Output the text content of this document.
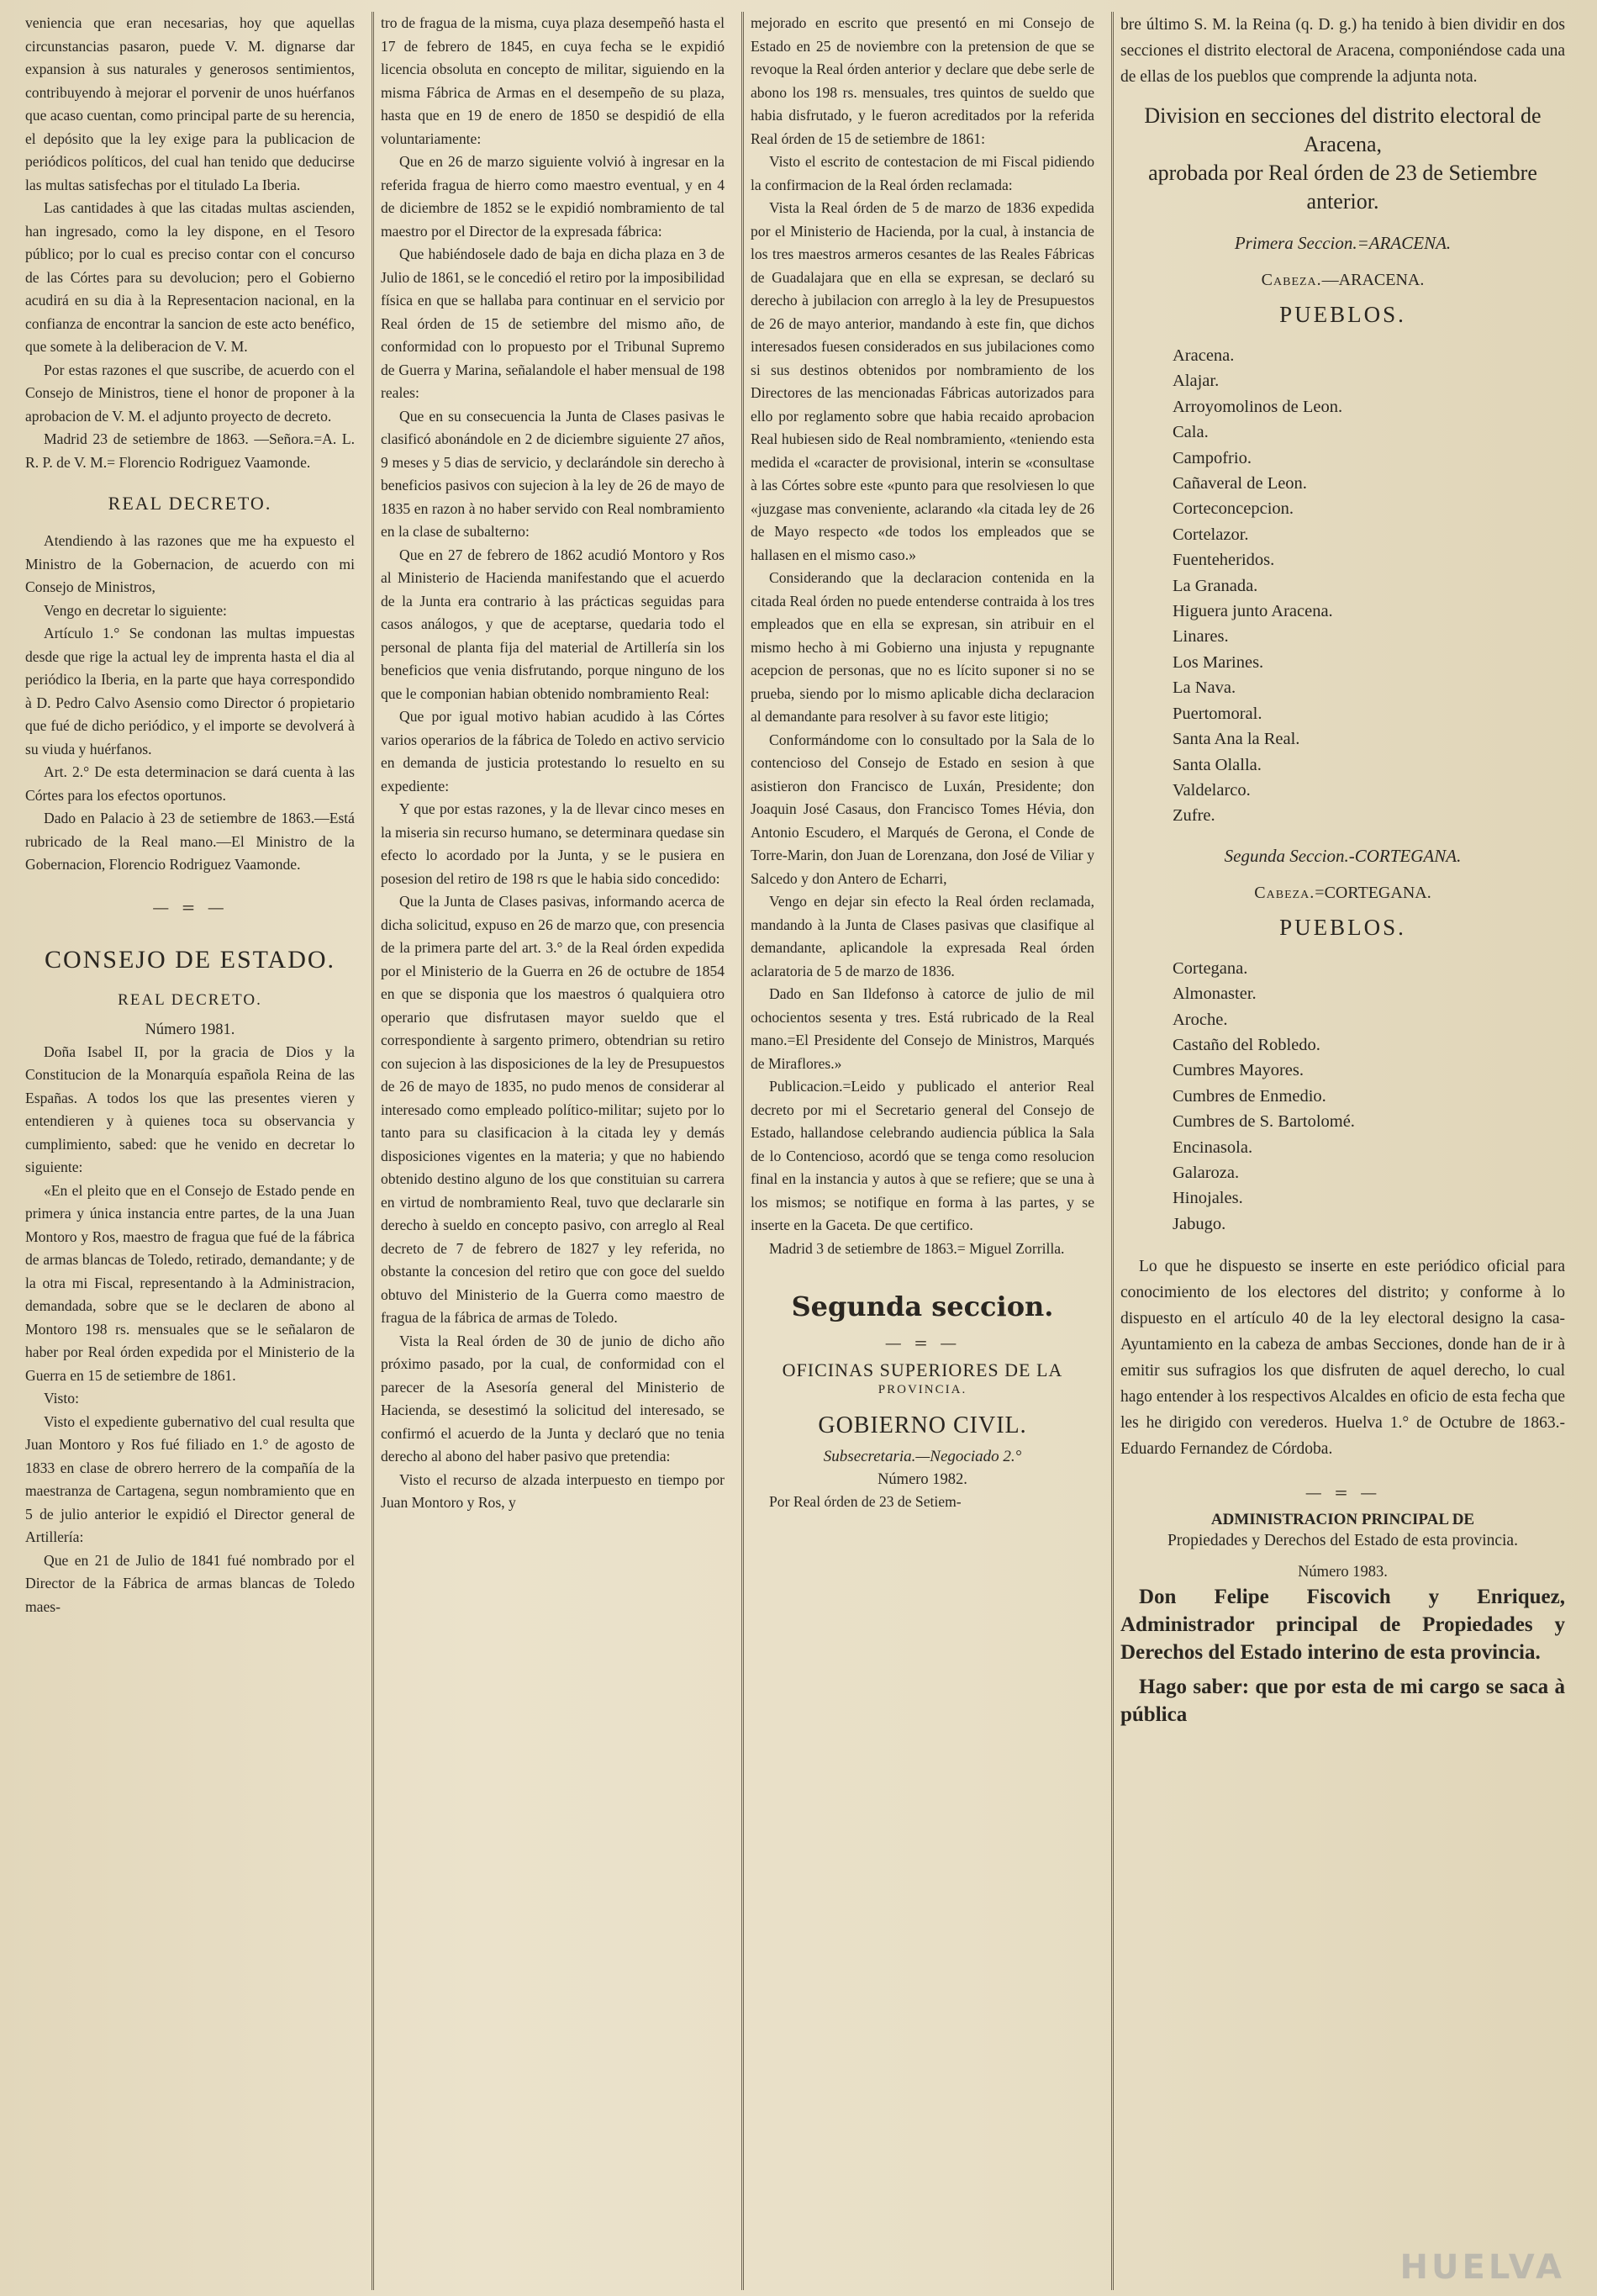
veniencia que eran necesarias, hoy que aquellas circunstancias pasaron, puede V. M. dignarse dar expansion à sus naturales y generosos sentimientos, contribuyendo à mejorar el porvenir de unos huérfanos que acaso cuentan, como principal parte de su herencia, el depósito que la ley exige para la publicacion de periódicos políticos, del cual han tenido que deducirse las multas satisfechas por el titulado La Iberia.

Las cantidades à que las citadas multas ascienden, han ingresado, como la ley dispone, en el Tesoro público; por lo cual es preciso contar con el concurso de las Córtes para su devolucion; pero el Gobierno acudirá en su dia à la Representacion nacional, en la confianza de encontrar la sancion de este acto benéfico, que somete à la deliberacion de V. M.

Por estas razones el que suscribe, de acuerdo con el Consejo de Ministros, tiene el honor de proponer à la aprobacion de V. M. el adjunto proyecto de decreto.

Madrid 23 de setiembre de 1863. —Señora.=A. L. R. P. de V. M.= Florencio Rodriguez Vaamonde.

REAL DECRETO.

Atendiendo à las razones que me ha expuesto el Ministro de la Gobernacion, de acuerdo con mi Consejo de Ministros,

Vengo en decretar lo siguiente:

Artículo 1.° Se condonan las multas impuestas desde que rige la actual ley de imprenta hasta el dia al periódico la Iberia, en la parte que haya correspondido à D. Pedro Calvo Asensio como Director ó propietario que fué de dicho periódico, y el importe se devolverá à su viuda y huérfanos.

Art. 2.° De esta determinacion se dará cuenta à las Córtes para los efectos oportunos.

Dado en Palacio à 23 de setiembre de 1863.—Está rubricado de la Real mano.—El Ministro de la Gobernacion, Florencio Rodriguez Vaamonde.

— = —
CONSEJO DE ESTADO.
REAL DECRETO.
Número 1981.

Doña Isabel II, por la gracia de Dios y la Constitucion de la Monarquía española Reina de las Españas. A todos los que las presentes vieren y entendieren y à quienes toca su observancia y cumplimiento, sabed: que he venido en decretar lo siguiente:

«En el pleito que en el Consejo de Estado pende en primera y única instancia entre partes, de la una Juan Montoro y Ros, maestro de fragua que fué de la fábrica de armas blancas de Toledo, retirado, demandante; y de la otra mi Fiscal, representando à la Administracion, demandada, sobre que se le declaren de abono al Montoro 198 rs. mensuales que se le señalaron de haber por Real órden expedida por el Ministerio de la Guerra en 15 de setiembre de 1861.

Visto:

Visto el expediente gubernativo del cual resulta que Juan Montoro y Ros fué filiado en 1.° de agosto de 1833 en clase de obrero herrero de la compañía de la maestranza de Cartagena, segun nombramiento que en 5 de julio anterior le expidió el Director general de Artillería:

Que en 21 de Julio de 1841 fué nombrado por el Director de la Fábrica de armas blancas de Toledo maes-

tro de fragua de la misma, cuya plaza desempeñó hasta el 17 de febrero de 1845, en cuya fecha se le expidió licencia obsoluta en concepto de militar, siguiendo en la misma Fábrica de Armas en el desempeño de su plaza, hasta que en 19 de enero de 1850 se despidió de ella voluntariamente:

Que en 26 de marzo siguiente volvió à ingresar en la referida fragua de hierro como maestro eventual, y en 4 de diciembre de 1852 se le expidió nombramiento de tal maestro por el Director de la expresada fábrica:

Que habiéndosele dado de baja en dicha plaza en 3 de Julio de 1861, se le concedió el retiro por la imposibilidad física en que se hallaba para continuar en el servicio por Real órden de 15 de setiembre del mismo año, de conformidad con lo propuesto por el Tribunal Supremo de Guerra y Marina, señalandole el haber mensual de 198 reales:

Que en su consecuencia la Junta de Clases pasivas le clasificó abonándole en 2 de diciembre siguiente 27 años, 9 meses y 5 dias de servicio, y declarándole sin derecho à beneficios pasivos con sujecion à la ley de 26 de mayo de 1835 en razon à no haber servido con Real nombramiento en la clase de subalterno:

Que en 27 de febrero de 1862 acudió Montoro y Ros al Ministerio de Hacienda manifestando que el acuerdo de la Junta era contrario à las prácticas seguidas para casos análogos, y que de aceptarse, quedaria todo el personal de planta fija del material de Artillería sin los beneficios que venia disfrutando, porque ninguno de los que le componian habian obtenido nombramiento Real:

Que por igual motivo habian acudido à las Córtes varios operarios de la fábrica de Toledo en activo servicio en demanda de justicia protestando lo resuelto en su expediente:

Y que por estas razones, y la de llevar cinco meses en la miseria sin recurso humano, se determinara quedase sin efecto lo acordado por la Junta, y se le pusiera en posesion del retiro de 198 rs que le habia sido concedido:

Que la Junta de Clases pasivas, informando acerca de dicha solicitud, expuso en 26 de marzo que, con presencia de la primera parte del art. 3.° de la Real órden expedida por el Ministerio de la Guerra en 26 de octubre de 1854 en que se disponia que los maestros ó qualquiera otro operario que disfrutasen mayor sueldo que el correspondiente à sargento primero, obtendrian su retiro con sujecion à las disposiciones de la ley de Presupuestos de 26 de mayo de 1835, no pudo menos de considerar al interesado como empleado político-militar; sujeto por lo tanto para su clasificacion à la citada ley y demás disposiciones vigentes en la materia; y que no habiendo obtenido destino alguno de los que constituian su carrera en virtud de nombramiento Real, tuvo que declararle sin derecho à sueldo en concepto pasivo, con arreglo al Real decreto de 7 de febrero de 1827 y ley referida, no obstante la concesion del retiro que con goce del sueldo obtuvo del Ministerio de la Guerra como maestro de fragua de la fábrica de armas de Toledo.

Vista la Real órden de 30 de junio de dicho año próximo pasado, por la cual, de conformidad con el parecer de la Asesoría general del Ministerio de Hacienda, se desestimó la solicitud del interesado, se confirmó el acuerdo de la Junta y declaró que no tenia derecho al abono del haber pasivo que pretendia:

Visto el recurso de alzada interpuesto en tiempo por Juan Montoro y Ros, y

mejorado en escrito que presentó en mi Consejo de Estado en 25 de noviembre con la pretension de que se revoque la Real órden anterior y declare que debe serle de abono los 198 rs. mensuales, tres quintos de sueldo que habia disfrutado, y le fueron acreditados por la referida Real órden de 15 de setiembre de 1861:

Visto el escrito de contestacion de mi Fiscal pidiendo la confirmacion de la Real órden reclamada:

Vista la Real órden de 5 de marzo de 1836 expedida por el Ministerio de Hacienda, por la cual, à instancia de los tres maestros armeros cesantes de las Reales Fábricas de Guadalajara que en ella se expresan, se declaró su derecho à jubilacion con arreglo à la ley de Presupuestos de 26 de mayo anterior, mandando à este fin, que dichos interesados fuesen considerados en sus jubilaciones como si sus destinos obtenidos por nombramiento de los Directores de las mencionadas Fábricas autorizados para ello por reglamento sobre que habia recaido aprobacion Real hubiesen sido de Real nombramiento, «teniendo esta medida el «caracter de provisional, interin se «consultase à las Córtes sobre este «punto para que resolviesen lo que «juzgase mas conveniente, aclarando «la citada ley de 26 de Mayo respecto «de todos los empleados que se hallasen en el mismo caso.»

Considerando que la declaracion contenida en la citada Real órden no puede entenderse contraida à los tres empleados que en ella se expresan, sin atribuir en el mismo hecho à mi Gobierno una injusta y repugnante acepcion de personas, que no es lícito suponer si no se prueba, siendo por lo mismo aplicable dicha declaracion al demandante para resolver à su favor este litigio;

Conformándome con lo consultado por la Sala de lo contencioso del Consejo de Estado en sesion à que asistieron don Francisco de Luxán, Presidente; don Joaquin José Casaus, don Francisco Tomes Hévia, don Antonio Escudero, el Marqués de Gerona, el Conde de Torre-Marin, don Juan de Lorenzana, don José de Viliar y Salcedo y don Antero de Echarri,

Vengo en dejar sin efecto la Real órden reclamada, mandando à la Junta de Clases pasivas que clasifique al demandante, aplicandole la expresada Real órden aclaratoria de 5 de marzo de 1836.

Dado en San Ildefonso à catorce de julio de mil ochocientos sesenta y tres. Está rubricado de la Real mano.=El Presidente del Consejo de Ministros, Marqués de Miraflores.»

Publicacion.=Leido y publicado el anterior Real decreto por mi el Secretario general del Consejo de Estado, hallandose celebrando audiencia pública la Sala de lo Contencioso, acordó que se tenga como resolucion final en la instancia y autos à que se refiere; que se una à los mismos; se notifique en forma à las partes, y se inserte en la Gaceta. De que certifico.

Madrid 3 de setiembre de 1863.= Miguel Zorrilla.

Segunda seccion.
— = —
OFICINAS SUPERIORES DE LA
PROVINCIA.
GOBIERNO CIVIL.
Subsecretaria.—Negociado 2.°
Número 1982.

Por Real órden de 23 de Setiem-

bre último S. M. la Reina (q. D. g.) ha tenido à bien dividir en dos secciones el distrito electoral de Aracena, componiéndose cada una de ellas de los pueblos que comprende la adjunta nota.

Division en secciones del distrito electoral de Aracena,
aprobada por Real órden de 23 de Setiembre anterior.
Primera Seccion.=ARACENA.
Cabeza.—ARACENA.
PUEBLOS.
Aracena.
Alajar.
Arroyomolinos de Leon.
Cala.
Campofrio.
Cañaveral de Leon.
Corteconcepcion.
Cortelazor.
Fuenteheridos.
La Granada.
Higuera junto Aracena.
Linares.
Los Marines.
La Nava.
Puertomoral.
Santa Ana la Real.
Santa Olalla.
Valdelarco.
Zufre.
Segunda Seccion.-CORTEGANA.
Cabeza.=CORTEGANA.
PUEBLOS.
Cortegana.
Almonaster.
Aroche.
Castaño del Robledo.
Cumbres Mayores.
Cumbres de Enmedio.
Cumbres de S. Bartolomé.
Encinasola.
Galaroza.
Hinojales.
Jabugo.

Lo que he dispuesto se inserte en este periódico oficial para conocimiento de los electores del distrito; y conforme à lo dispuesto en el artículo 40 de la ley electoral designo la casa-Ayuntamiento en la cabeza de ambas Secciones, donde han de ir à emitir sus sufragios los que disfruten de aquel derecho, lo cual hago entender à los respectivos Alcaldes en oficio de esta fecha que les he dirigido con verederos. Huelva 1.° de Octubre de 1863.-Eduardo Fernandez de Córdoba.

— = —
ADMINISTRACION PRINCIPAL DE
Propiedades y Derechos del Estado de esta provincia.
Número 1983.

Don Felipe Fiscovich y Enriquez, Administrador principal de Propiedades y Derechos del Estado interino de esta provincia.

Hago saber: que por esta de mi cargo se saca à pública

HUELVA
